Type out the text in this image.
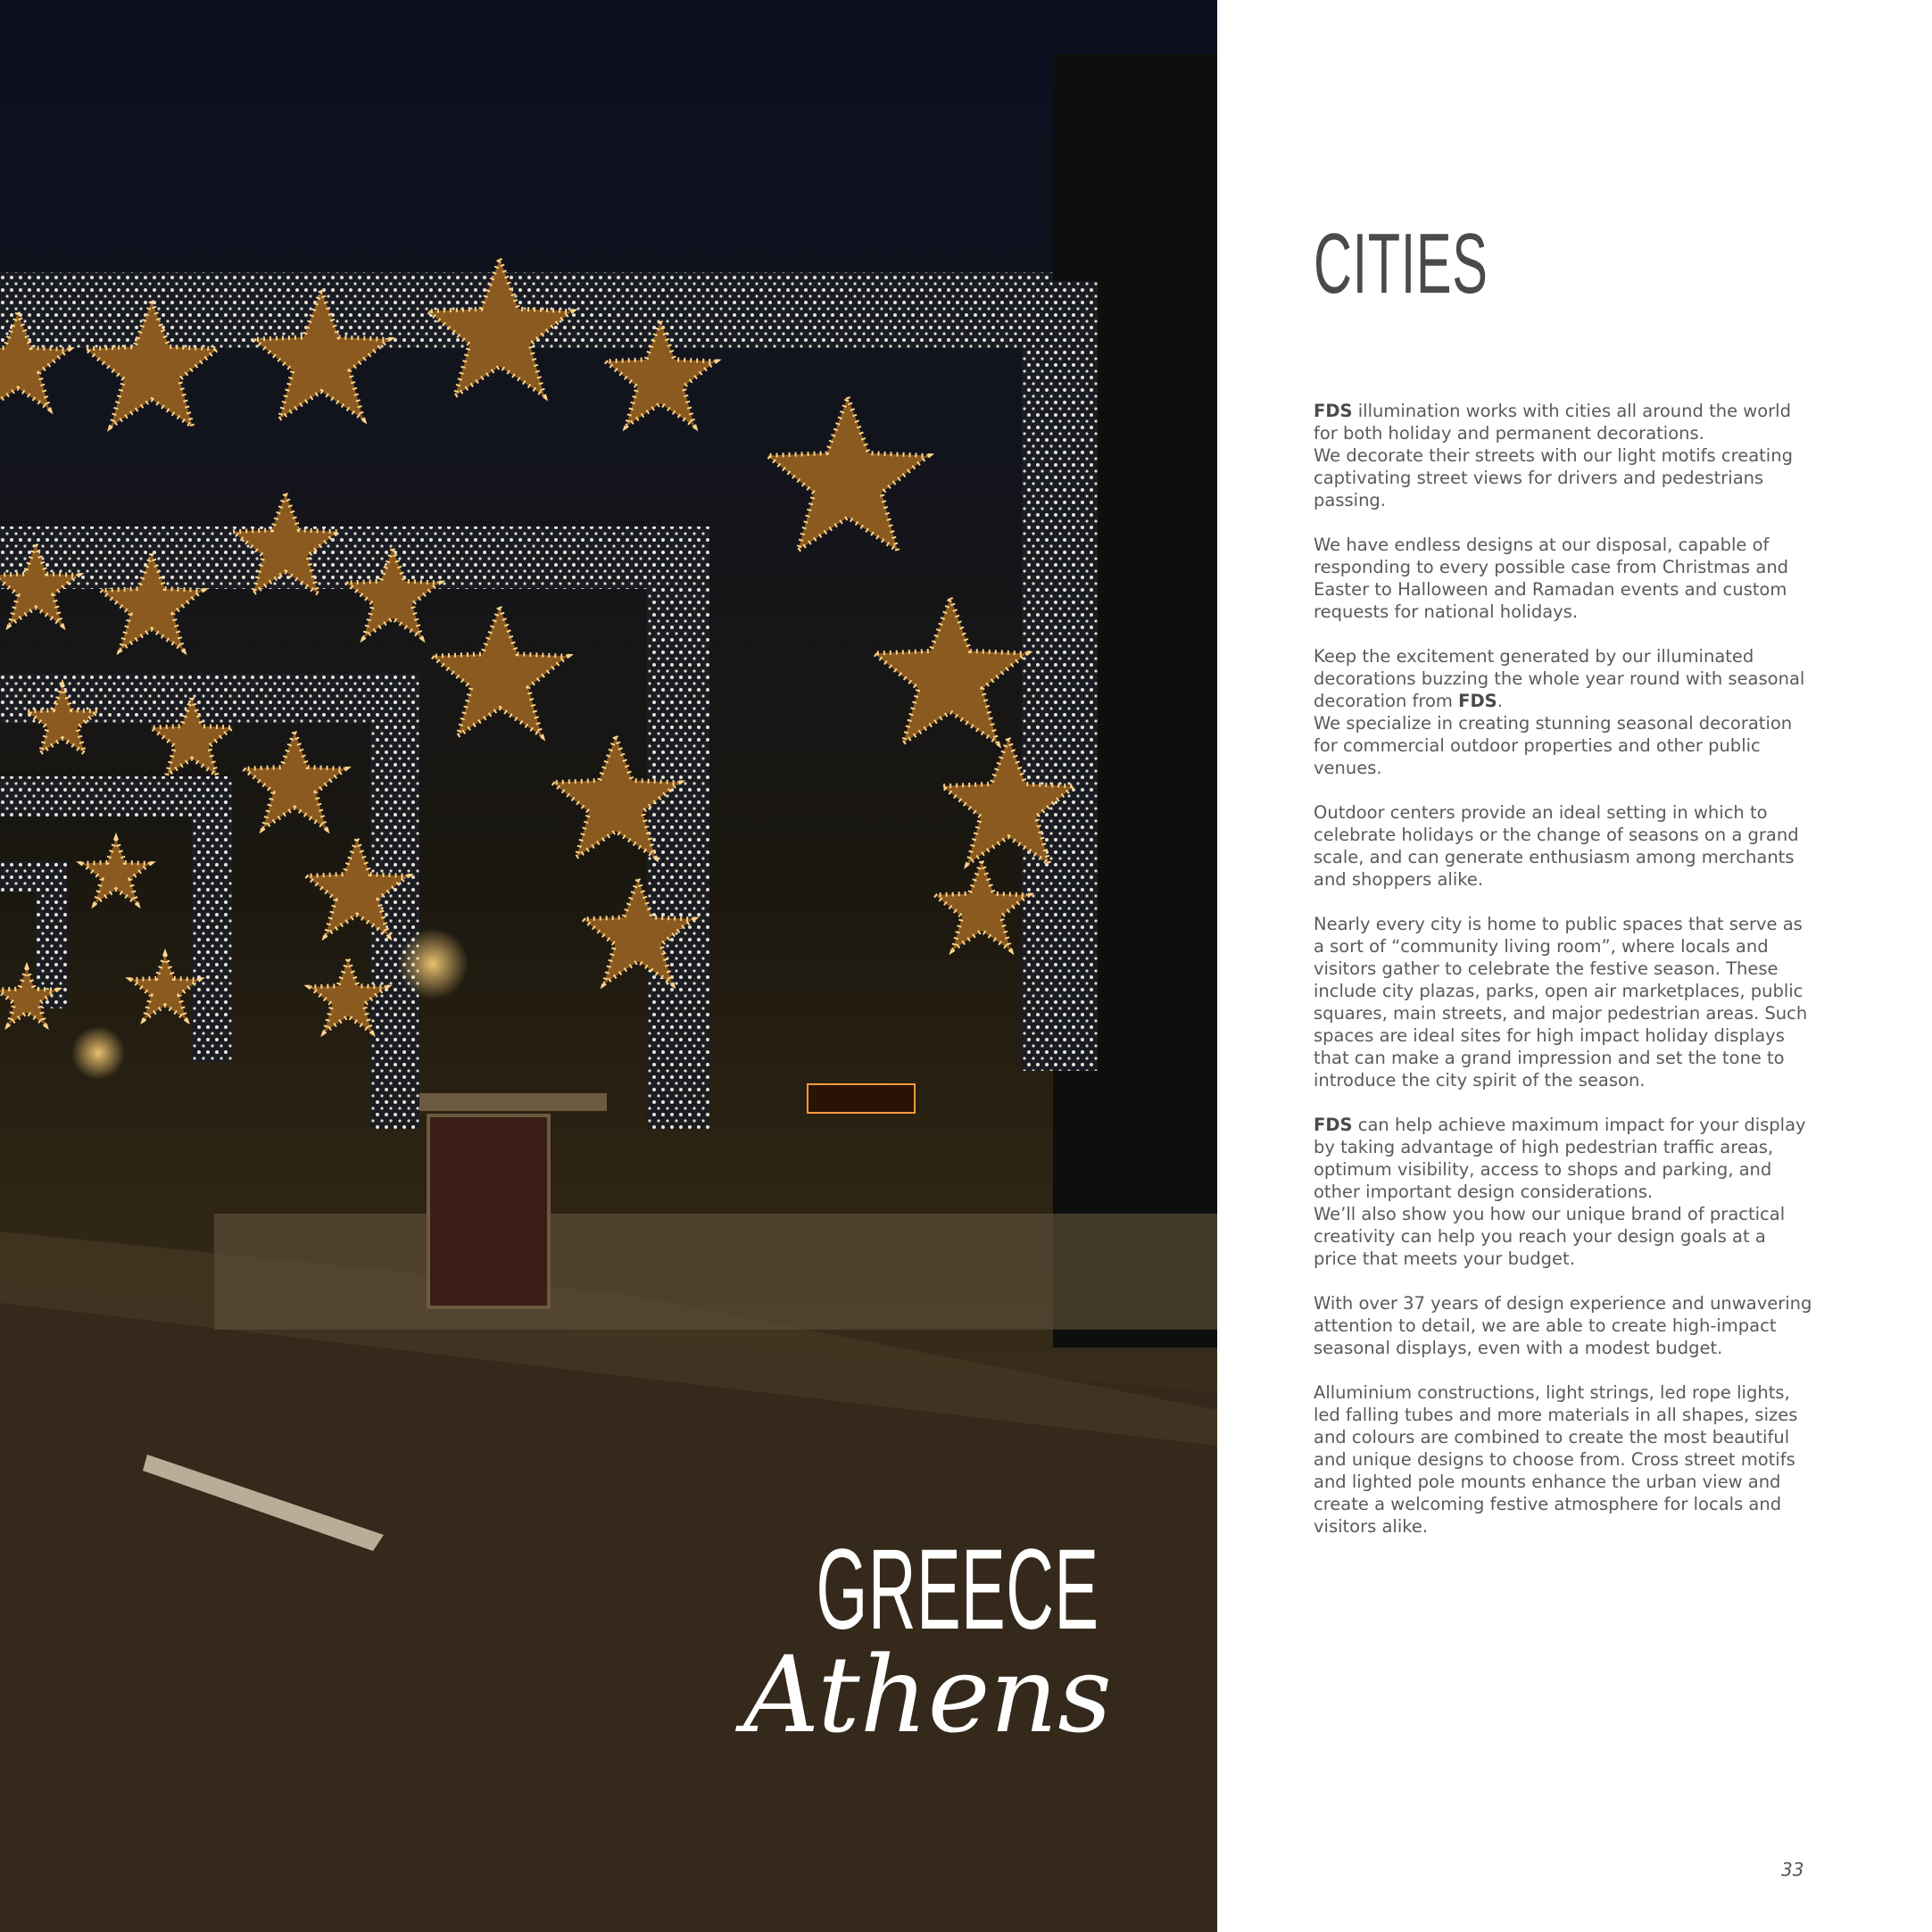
GREECE
Athens
CITIES

FDS illumination works with cities all around the world for both holiday and permanent decorations.
We decorate their streets with our light motifs creating captivating street views for drivers and pedestrians passing.

We have endless designs at our disposal, capable of responding to every possible case from Christmas and Easter to Halloween and Ramadan events and custom requests for national holidays.

Keep the excitement generated by our illuminated decorations buzzing the whole year round with seasonal decoration from FDS.
We specialize in creating stunning seasonal decoration for commercial outdoor properties and other public venues.

Outdoor centers provide an ideal setting in which to celebrate holidays or the change of seasons on a grand scale, and can generate enthusiasm among merchants and shoppers alike.

Nearly every city is home to public spaces that serve as a sort of “community living room”, where locals and visitors gather to celebrate the festive season. These include city plazas, parks, open air marketplaces, public squares, main streets, and major pedestrian areas. Such spaces are ideal sites for high impact holiday displays that can make a grand impression and set the tone to introduce the city spirit of the season.

FDS can help achieve maximum impact for your display by taking advantage of high pedestrian traffic areas, optimum visibility, access to shops and parking, and other important design considerations.
We’ll also show you how our unique brand of practical creativity can help you reach your design goals at a price that meets your budget.

With over 37 years of design experience and unwavering attention to detail, we are able to create high-impact seasonal displays, even with a modest budget.

Alluminium constructions, light strings, led rope lights, led falling tubes and more materials in all shapes, sizes and colours are combined to create the most beautiful and unique designs to choose from. Cross street motifs and lighted pole mounts enhance the urban view and create a welcoming festive atmosphere for locals and visitors alike.

33
